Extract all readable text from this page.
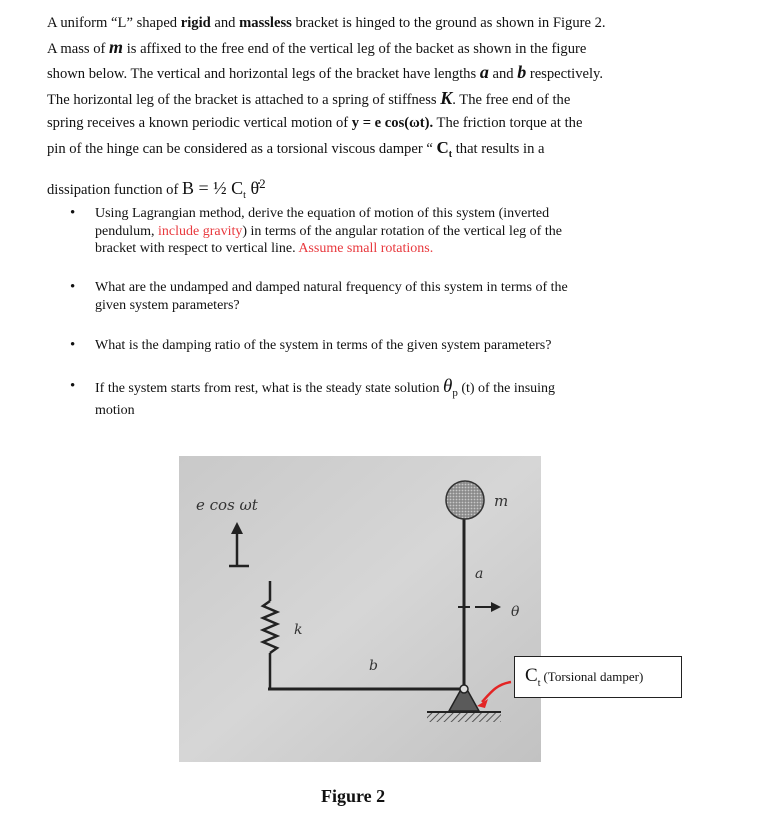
A uniform “L” shaped rigid and massless bracket is hinged to the ground as shown in Figure 2.

A mass of m is affixed to the free end of the vertical leg of the backet as shown in the figure

shown below. The vertical and horizontal legs of the bracket have lengths a and b respectively.

The horizontal leg of the bracket is attached to a spring of stiffness K. The free end of the

spring receives a known periodic vertical motion of y = e cos(ωt). The friction torque at the

pin of the hinge can be considered as a torsional viscous damper “ $C_t$ that results in a

dissipation function of B = ½ $C_t$ θ̇$^2$

• Using Lagrangian method, derive the equation of motion of this system (inverted
pendulum, include gravity) in terms of the angular rotation of the vertical leg of the
bracket with respect to vertical line. Assume small rotations.
• What are the undamped and damped natural frequency of this system in terms of the
given system parameters?
• What is the damping ratio of the system in terms of the given system parameters?
• If the system starts from rest, what is the steady state solution $\theta_p$ (t) of the insuing
motion
e cos ωt
k
b
a
m
θ
$C_t$ (Torsional damper)
Figure 2
